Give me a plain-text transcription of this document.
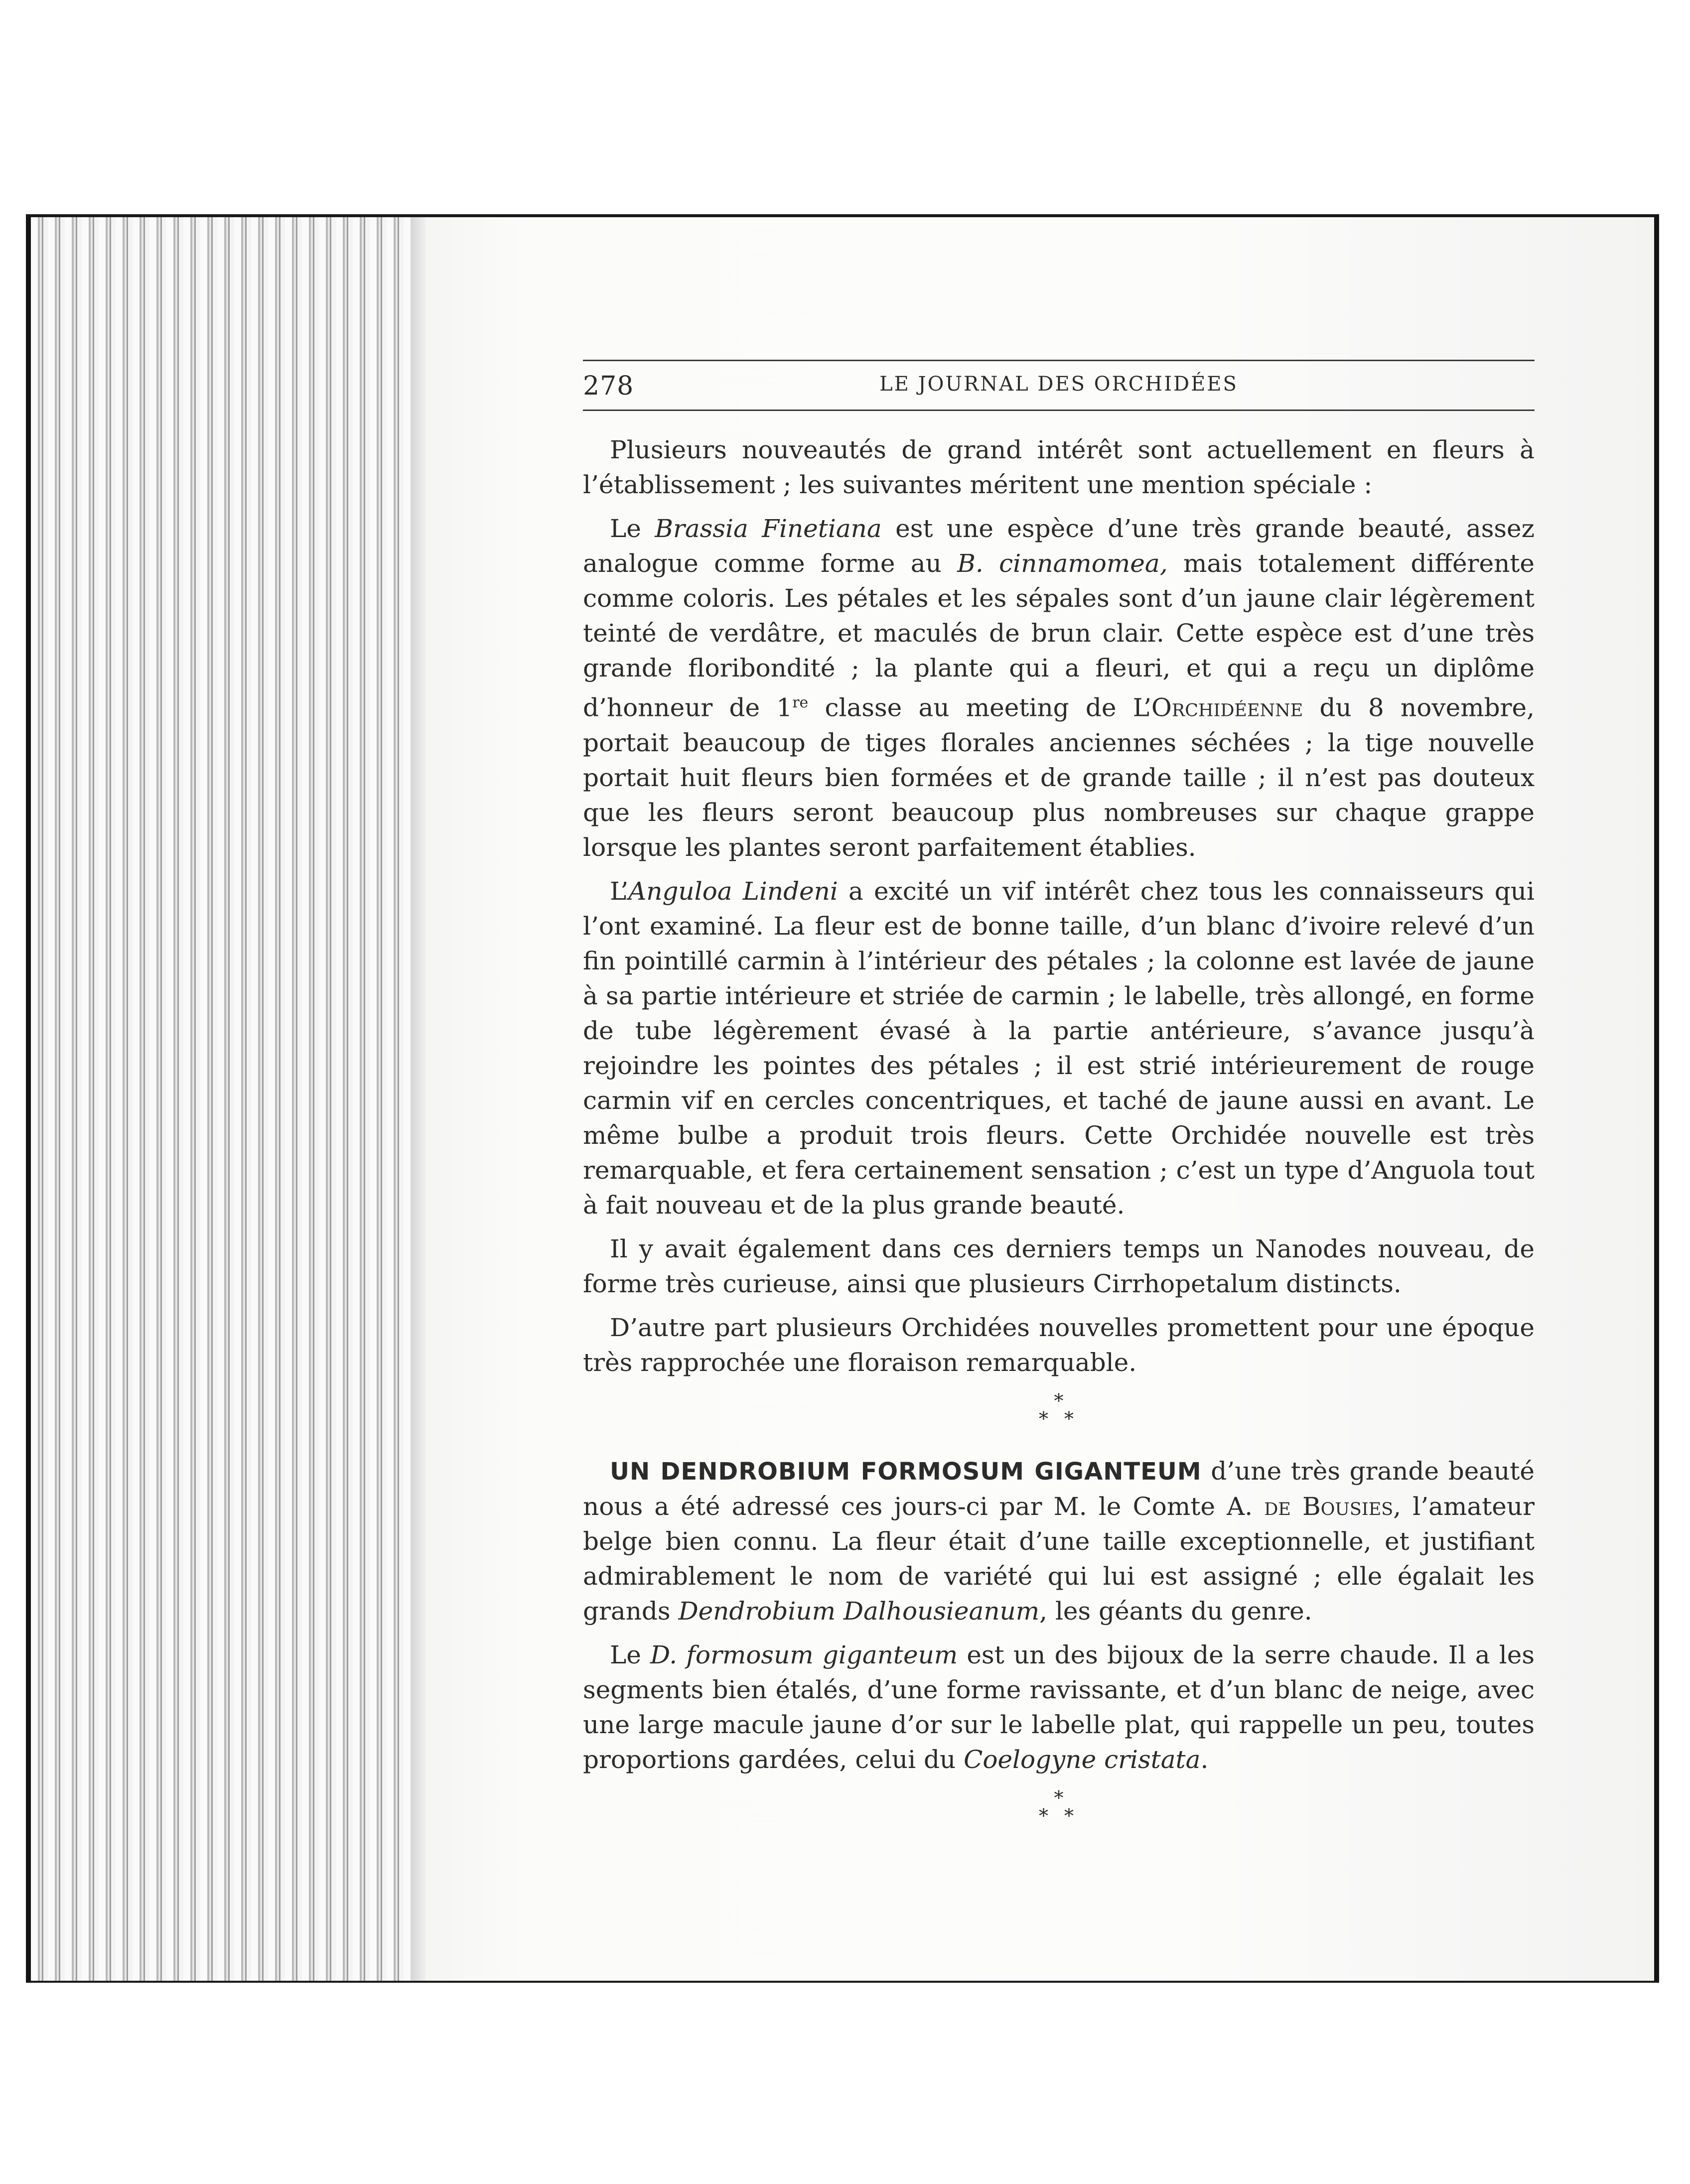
278	LE JOURNAL DES ORCHIDÉES

Plusieurs nouveautés de grand intérêt sont actuellement en fleurs à l’établissement ; les suivantes méritent une mention spéciale :

Le Brassia Finetiana est une espèce d’une très grande beauté, assez analogue comme forme au B. cinnamomea, mais totalement différente comme coloris. Les pétales et les sépales sont d’un jaune clair légèrement teinté de verdâtre, et maculés de brun clair. Cette espèce est d’une très grande floribondité ; la plante qui a fleuri, et qui a reçu un diplôme d’honneur de 1re classe au meeting de L’Orchidéenne du 8 novembre, portait beaucoup de tiges florales anciennes séchées ; la tige nouvelle portait huit fleurs bien formées et de grande taille ; il n’est pas douteux que les fleurs seront beaucoup plus nombreuses sur chaque grappe lorsque les plantes seront parfaitement établies.

L’Anguloa Lindeni a excité un vif intérêt chez tous les connaisseurs qui l’ont examiné. La fleur est de bonne taille, d’un blanc d’ivoire relevé d’un fin pointillé carmin à l’intérieur des pétales ; la colonne est lavée de jaune à sa partie intérieure et striée de carmin ; le labelle, très allongé, en forme de tube légèrement évasé à la partie antérieure, s’avance jusqu’à rejoindre les pointes des pétales ; il est strié intérieurement de rouge carmin vif en cercles concentriques, et taché de jaune aussi en avant. Le même bulbe a produit trois fleurs. Cette Orchidée nouvelle est très remarquable, et fera certainement sensation ; c’est un type d’Anguola tout à fait nouveau et de la plus grande beauté.

Il y avait également dans ces derniers temps un Nanodes nouveau, de forme très curieuse, ainsi que plusieurs Cirrhopetalum distincts.

D’autre part plusieurs Orchidées nouvelles promettent pour une époque très rapprochée une floraison remarquable.

*
* *

UN DENDROBIUM FORMOSUM GIGANTEUM d’une très grande beauté nous a été adressé ces jours-ci par M. le Comte A. de Bousies, l’amateur belge bien connu. La fleur était d’une taille exceptionnelle, et justifiant admirablement le nom de variété qui lui est assigné ; elle égalait les grands Dendrobium Dalhousieanum, les géants du genre.

Le D. formosum giganteum est un des bijoux de la serre chaude. Il a les segments bien étalés, d’une forme ravissante, et d’un blanc de neige, avec une large macule jaune d’or sur le labelle plat, qui rappelle un peu, toutes proportions gardées, celui du Coelogyne cristata.

*
* *
